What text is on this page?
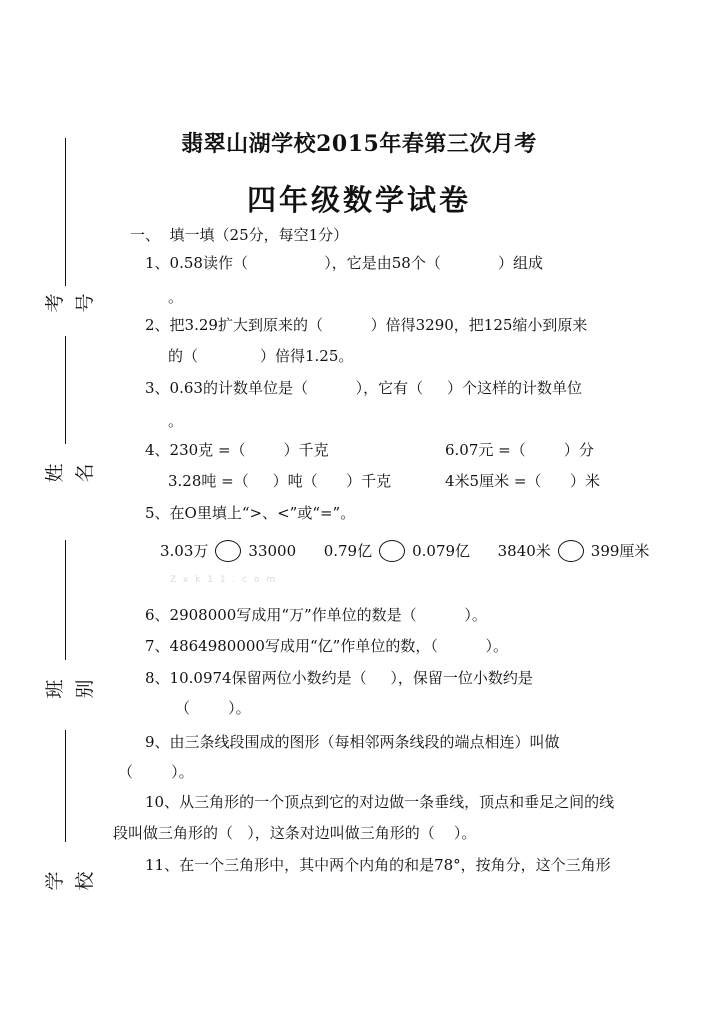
考号
姓名
班别
学校
翡翠山湖学校2015年春第三次月考
四年级数学试卷
一、  填一填（25分，每空1分）
1、0.58读作（                ），它是由58个（            ）组成
。
2、把3.29扩大到原来的（          ）倍得3290，把125缩小到原来
的（             ）倍得1.25。
3、0.63的计数单位是（          ），它有（     ）个这样的计数单位
。
4、230克 =（        ）千克	6.07元 =（        ）分
3.28吨 =（     ）吨（      ）千克	4米5厘米 =（      ）米
5、在O里填上“>、<”或“=”。
3.03万	33000 0.79亿	0.079亿 3840米	399厘米
Z x k 1 1 . c o m
6、2908000写成用“万”作单位的数是（          ）。
7、4864980000写成用“亿”作单位的数，（          ）。
8、10.0974保留两位小数约是（     ），保留一位小数约是
（        ）。
9、由三条线段围成的图形（每相邻两条线段的端点相连）叫做
（        ）。
10、从三角形的一个顶点到它的对边做一条垂线，顶点和垂足之间的线
段叫做三角形的（   ），这条对边叫做三角形的（    ）。
11、在一个三角形中，其中两个内角的和是78°，按角分，这个三角形
